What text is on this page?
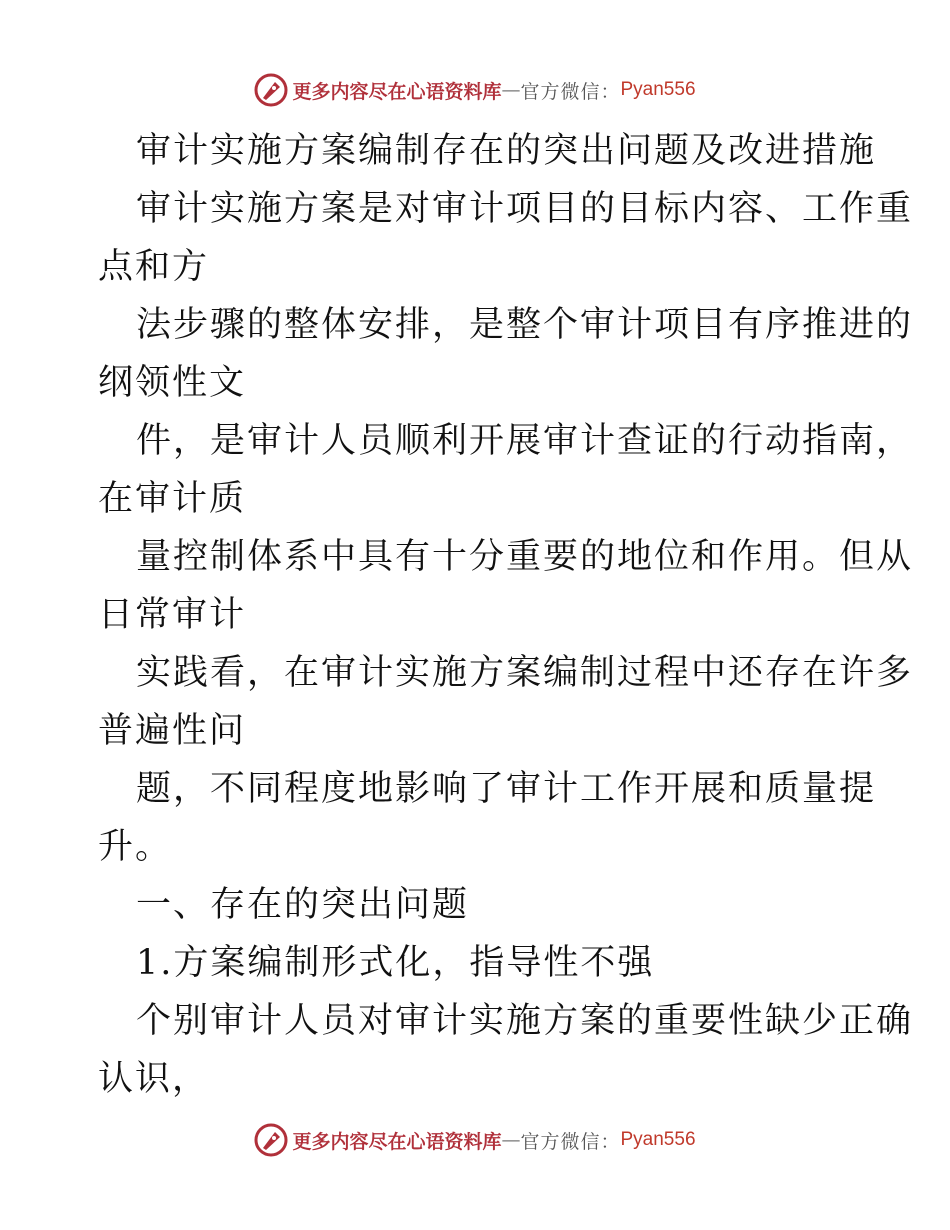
更多内容尽在心语资料库 — 官方微信： Pyan556
审计实施方案编制存在的突出问题及改进措施
审计实施方案是对审计项目的目标内容、工作重
点和方
法步骤的整体安排，是整个审计项目有序推进的
纲领性文
件，是审计人员顺利开展审计查证的行动指南，
在审计质
量控制体系中具有十分重要的地位和作用。但从
日常审计
实践看，在审计实施方案编制过程中还存在许多
普遍性问
题，不同程度地影响了审计工作开展和质量提
升。
一、存在的突出问题
1.方案编制形式化，指导性不强
个别审计人员对审计实施方案的重要性缺少正确
认识，
更多内容尽在心语资料库 — 官方微信： Pyan556
